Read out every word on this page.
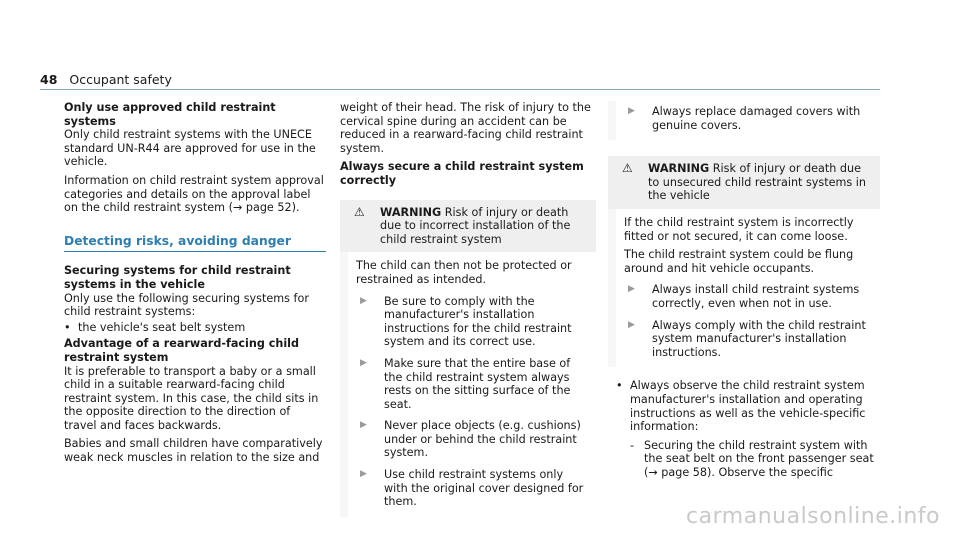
48 Occupant safety

Only use approved child restraint systems

Only child restraint systems with the UNECE standard UN-R44 are approved for use in the vehicle.

Information on child restraint system approval categories and details on the approval label on the child restraint system (→ page 52).

Detecting risks, avoiding danger

Securing systems for child restraint systems in the vehicle

Only use the following securing systems for child restraint systems:

• the vehicle's seat belt system

Advantage of a rearward-facing child restraint system

It is preferable to transport a baby or a small child in a suitable rearward-facing child restraint system. In this case, the child sits in the opposite direction to the direction of travel and faces backwards.

Babies and small children have comparatively weak neck muscles in relation to the size and

weight of their head. The risk of injury to the cervical spine during an accident can be reduced in a rearward-facing child restraint system.

Always secure a child restraint system correctly

⚠	WARNING Risk of injury or death due to incorrect installation of the child restraint system
The child can then not be protected or restrained as intended.
▶	Be sure to comply with the manufacturer's installation instructions for the child restraint system and its correct use.
▶	Make sure that the entire base of the child restraint system always rests on the sitting surface of the seat.
▶	Never place objects (e.g. cushions) under or behind the child restraint system.
▶	Use child restraint systems only with the original cover designed for them.
▶	Always replace damaged covers with genuine covers.
⚠	WARNING Risk of injury or death due to unsecured child restraint systems in the vehicle
If the child restraint system is incorrectly fitted or not secured, it can come loose.
The child restraint system could be flung around and hit vehicle occupants.
▶	Always install child restraint systems correctly, even when not in use.
▶	Always comply with the child restraint system manufacturer's installation instructions.
• Always observe the child restraint system manufacturer's installation and operating instructions as well as the vehicle-specific information:
- Securing the child restraint system with the seat belt on the front passenger seat (→ page 58). Observe the specific
carmanualsonline.info
